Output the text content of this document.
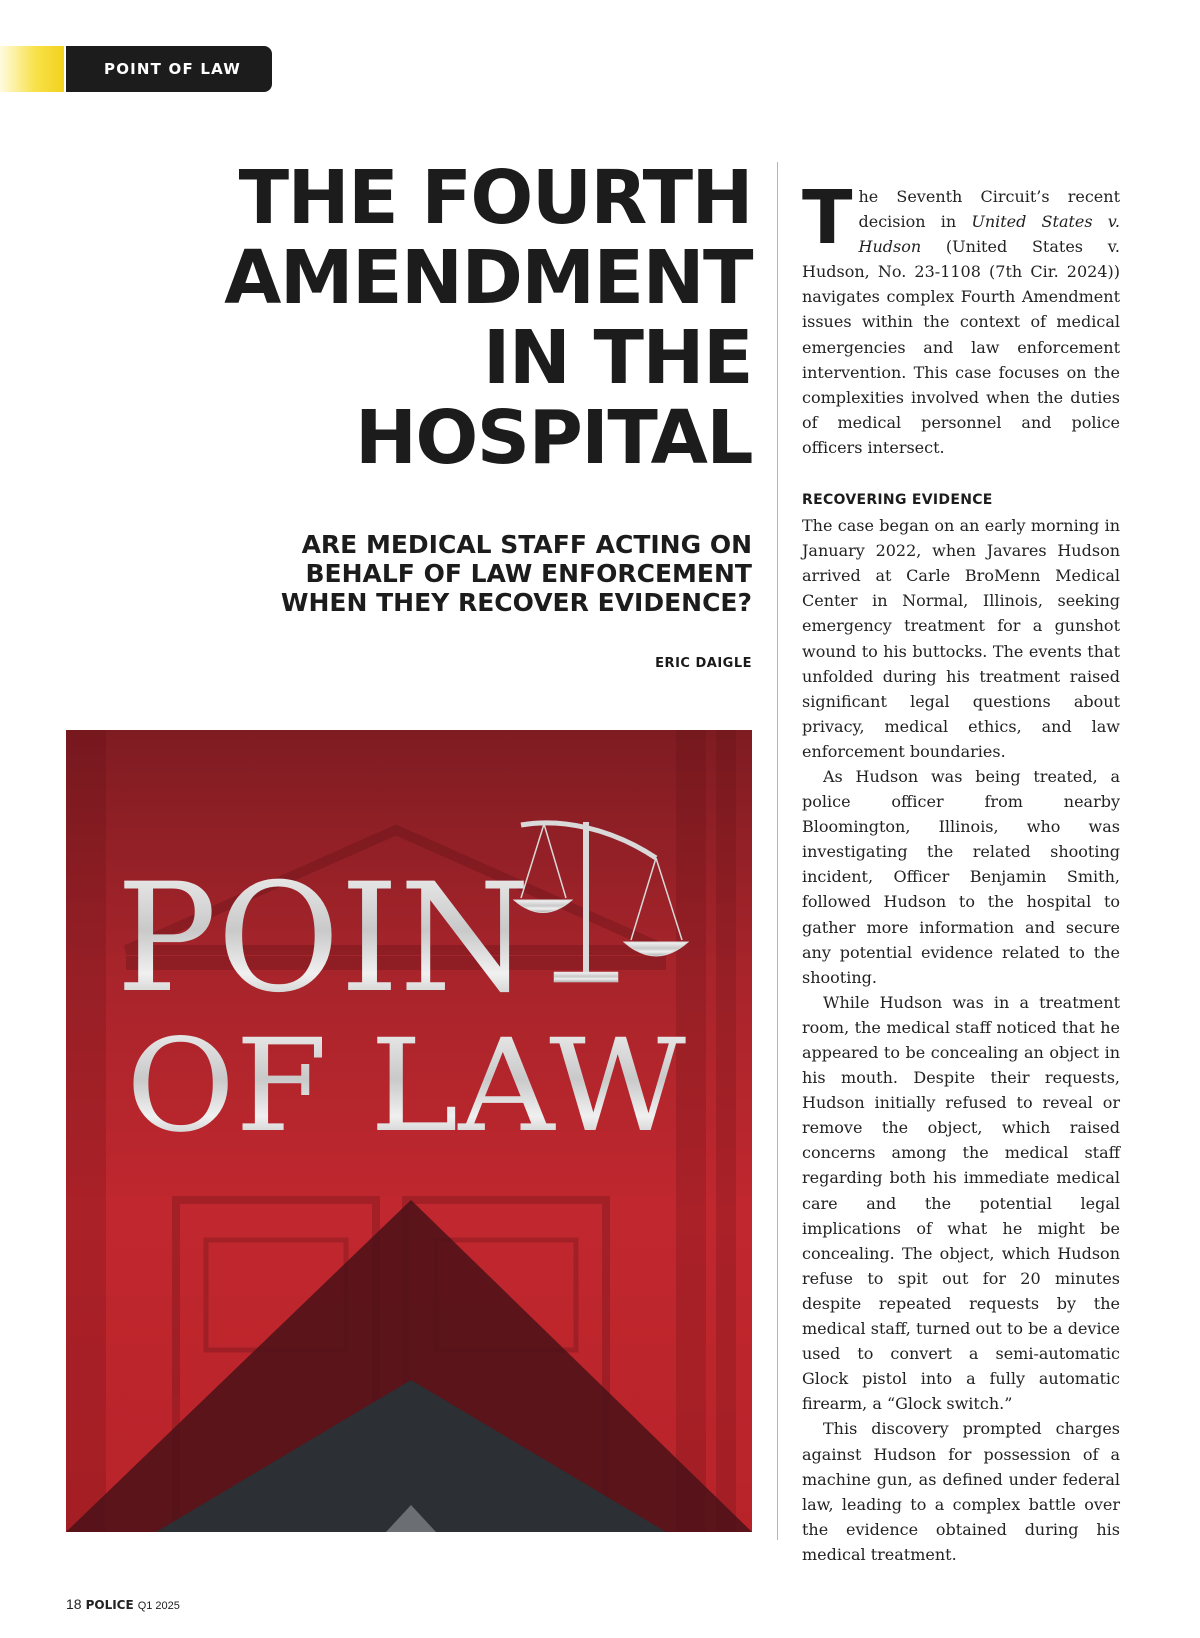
POINT OF LAW
THE FOURTH
AMENDMENT
IN THE
HOSPITAL
ARE MEDICAL STAFF ACTING ON
BEHALF OF LAW ENFORCEMENT
WHEN THEY RECOVER EVIDENCE?
ERIC DAIGLE
POIN
OF LAW

The Seventh Circuit’s recent decision in United States v. Hudson (United States v. Hudson, No. 23-1108 (7th Cir. 2024)) navigates complex Fourth Amendment issues within the context of medical emergencies and law enforcement intervention. This case focuses on the complexities involved when the duties of medical personnel and police officers intersect.

RECOVERING EVIDENCE

The case began on an early morning in January 2022, when Javares Hudson arrived at Carle BroMenn Medical Center in Normal, Illinois, seeking emergency treatment for a gunshot wound to his buttocks. The events that unfolded during his treatment raised significant legal questions about privacy, medical ethics, and law enforcement boundaries.

As Hudson was being treated, a police officer from nearby Bloomington, Illinois, who was investigating the related shooting incident, Officer Benjamin Smith, followed Hudson to the hospital to gather more information and secure any potential evidence related to the shooting.

While Hudson was in a treatment room, the medical staff noticed that he appeared to be concealing an object in his mouth. Despite their requests, Hudson initially refused to reveal or remove the object, which raised concerns among the medical staff regarding both his immediate medical care and the potential legal implications of what he might be concealing. The object, which Hudson refuse to spit out for 20 minutes despite repeated requests by the medical staff, turned out to be a device used to convert a semi-automatic Glock pistol into a fully automatic firearm, a “Glock switch.”

This discovery prompted charges against Hudson for possession of a machine gun, as defined under federal law, leading to a complex battle over the evidence obtained during his medical treatment.

18 POLICE Q1 2025
